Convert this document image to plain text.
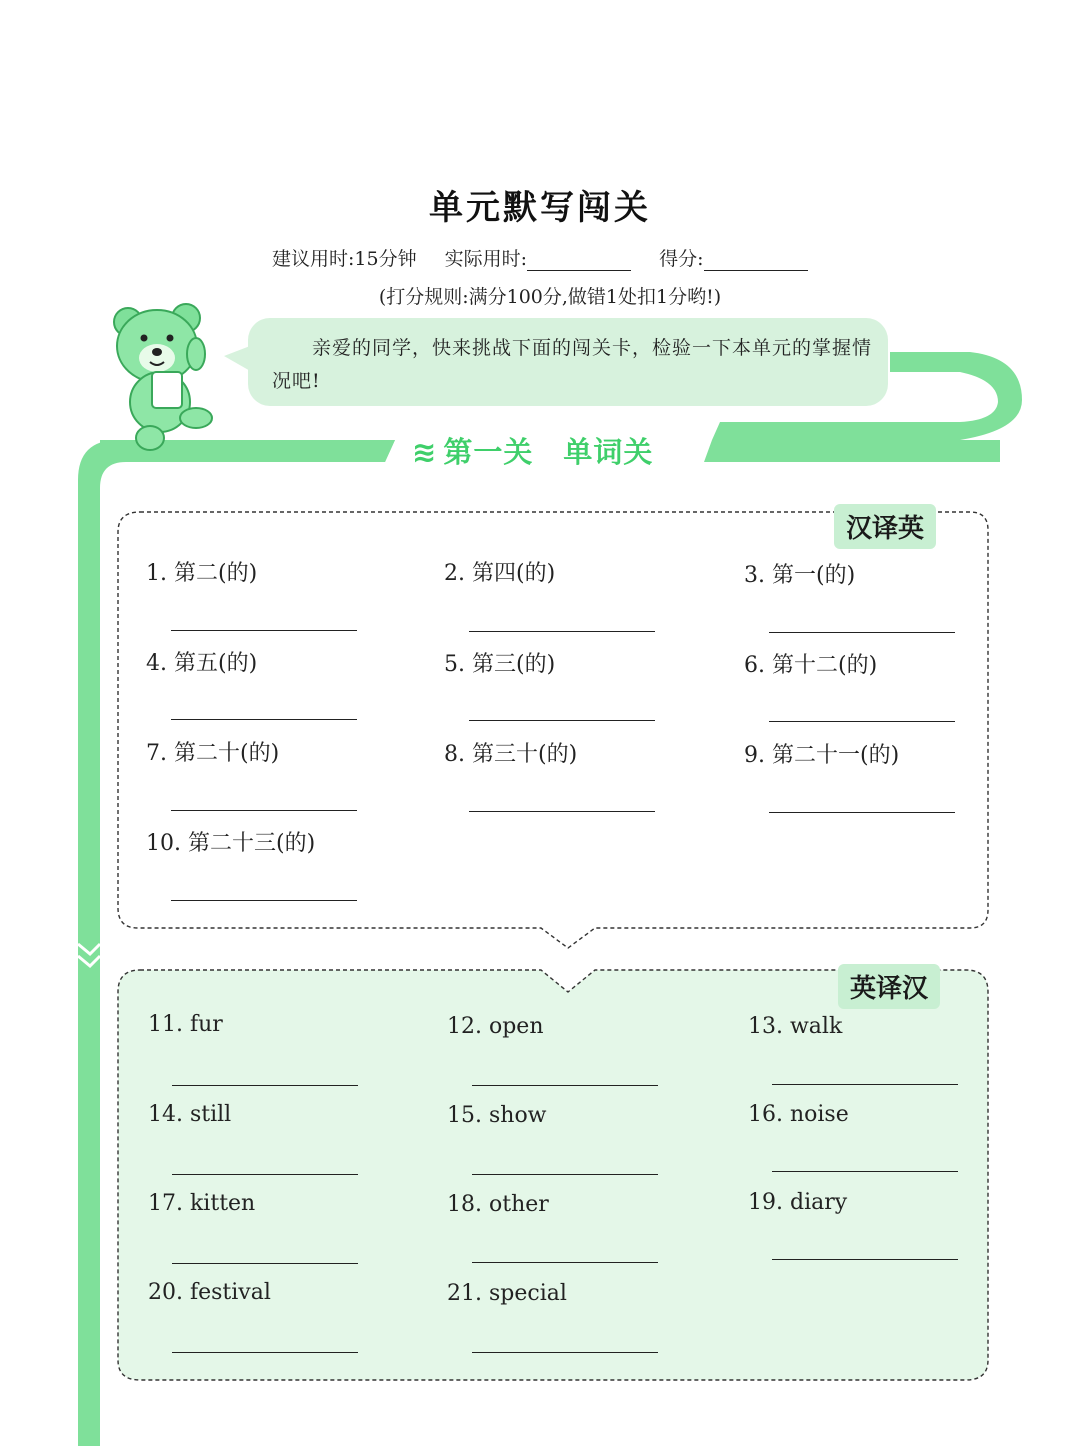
单元默写闯关
建议用时:15分钟 实际用时:	得分:
(打分规则:满分100分,做错1处扣1分哟!)
亲爱的同学，快来挑战下面的闯关卡，检验一下本单元的掌握情况吧!
≋ 第一关 单词关
汉译英
英译汉
1. 第二(的)	2. 第四(的)	3. 第一(的)
4. 第五(的)	5. 第三(的)	6. 第十二(的)
7. 第二十(的)	8. 第三十(的)	9. 第二十一(的)
10. 第二十三(的)
11. fur	12. open	13. walk
14. still	15. show	16. noise
17. kitten	18. other	19. diary
20. festival	21. special
